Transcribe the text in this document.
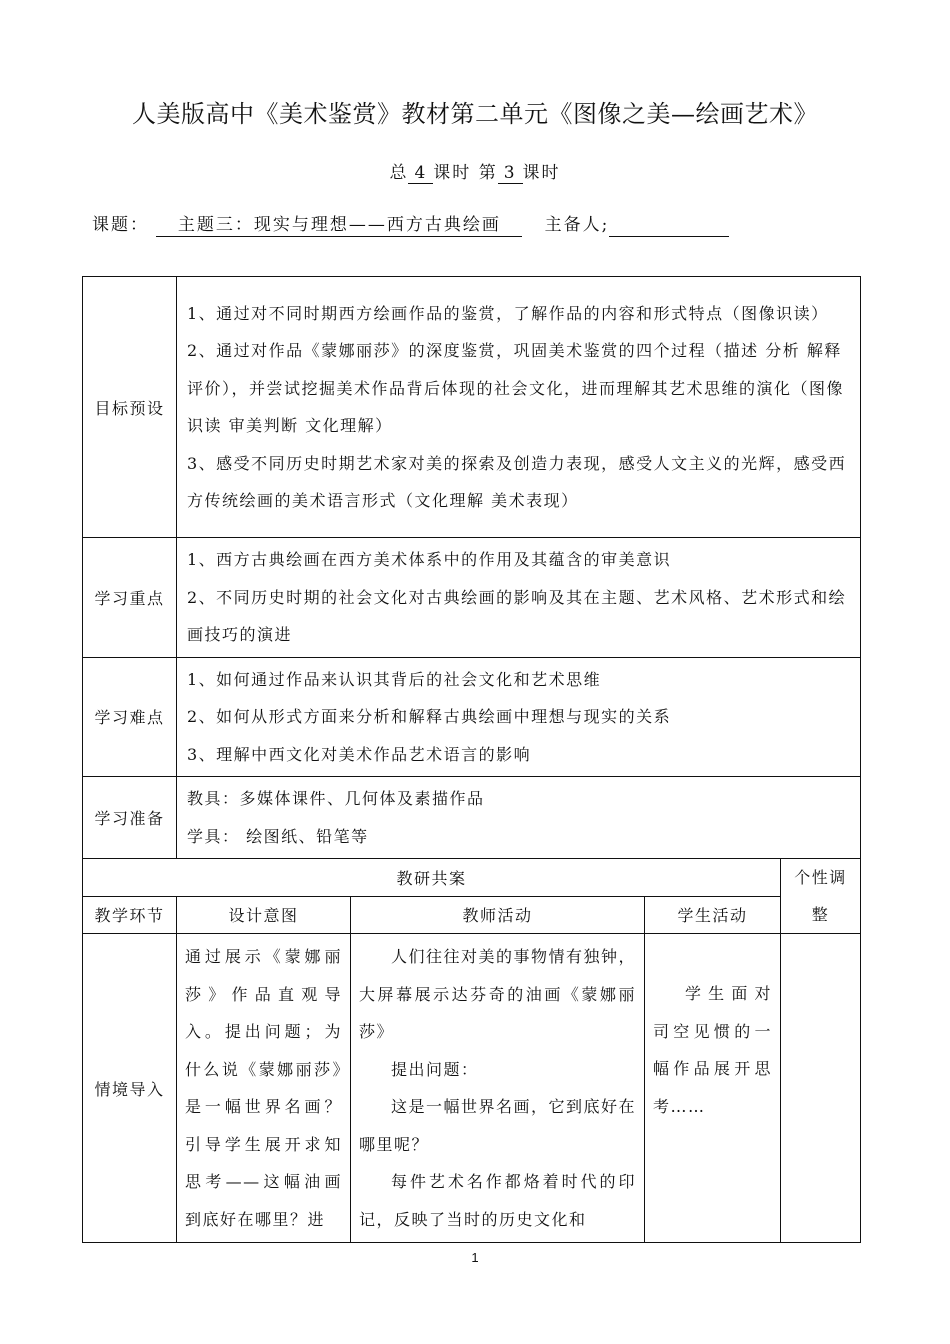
人美版高中《美术鉴赏》教材第二单元《图像之美—绘画艺术》
总 4 课时 第 3 课时
课题： 主题三：现实与理想——西方古典绘画	主备人;
目标预设	1、通过对不同时期西方绘画作品的鉴赏，了解作品的内容和形式特点（图像识读）

2、通过对作品《蒙娜丽莎》的深度鉴赏，巩固美术鉴赏的四个过程（描述 分析 解释 评价），并尝试挖掘美术作品背后体现的社会文化，进而理解其艺术思维的演化（图像识读 审美判断 文化理解）

3、感受不同历史时期艺术家对美的探索及创造力表现，感受人文主义的光辉，感受西方传统绘画的美术语言形式（文化理解 美术表现）			

学习重点	1、西方古典绘画在西方美术体系中的作用及其蕴含的审美意识

2、不同历史时期的社会文化对古典绘画的影响及其在主题、艺术风格、艺术形式和绘画技巧的演进			

学习难点	1、如何通过作品来认识其背后的社会文化和艺术思维

2、如何从形式方面来分析和解释古典绘画中理想与现实的关系

3、理解中西文化对美术作品艺术语言的影响			

学习准备	教具：多媒体课件、几何体及素描作品

学具： 绘图纸、铅笔等			

教研共案				个性调整
教学环节	设计意图	教师活动	学生活动	
情境导入	通过展示《蒙娜丽莎》作品直观导入。提出问题；为什么说《蒙娜丽莎》是一幅世界名画？引导学生展开求知思考——这幅油画到底好在哪里？进	人们往往对美的事物情有独钟，大屏幕展示达芬奇的油画《蒙娜丽莎》

提出问题：

这是一幅世界名画，它到底好在哪里呢？

每件艺术名作都烙着时代的印记，反映了当时的历史文化和	学生面对司空见惯的一幅作品展开思考……	

1
